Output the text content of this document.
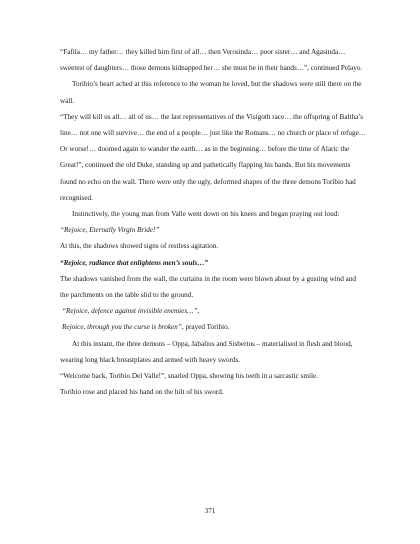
“Fafila… my father… they killed him first of all… then Verosinda… poor sister… and Agasinda… sweetest of daughters… those demons kidnapped her… she must be in their hands…”, continued Pelayo.

Toribio’s heart ached at this reference to the woman he loved, but the shadows were still there on the wall.

“They will kill us all… all of us… the last representatives of the Visigoth race… the offspring of Baltha’s line… not one will survive… the end of a people… just like the Romans… no church or place of refuge… Or worse!… doomed again to wander the earth… as in the beginning… before the time of Alaric the Great!”, continued the old Duke, standing up and pathetically flapping his hands. But his movements found no echo on the wall. There were only the ugly, deformed shapes of the three demons Toribio had recognised.

Instinctively, the young man from Valle went down on his knees and began praying out loud:

“Rejoice, Eternally Virgin Bride!”

At this, the shadows showed signs of restless agitation.

“Rejoice, radiance that enlightens men’s souls…”

The shadows vanished from the wall, the curtains in the room were blown about by a gusting wind and the parchments on the table slid to the ground.

“Rejoice, defence against invisible enemies…”,

Rejoice, through you the curse is broken”, prayed Toribio.

At this instant, the three demons – Oppa, Jabalius and Sisbertus – materialised in flesh and blood, wearing long black breastplates and armed with heavy swords.

“Welcome back, Toribio Del Valle!”, snarled Oppa, showing his teeth in a sarcastic smile.

Toribio rose and placed his hand on the hilt of his sword.

371
